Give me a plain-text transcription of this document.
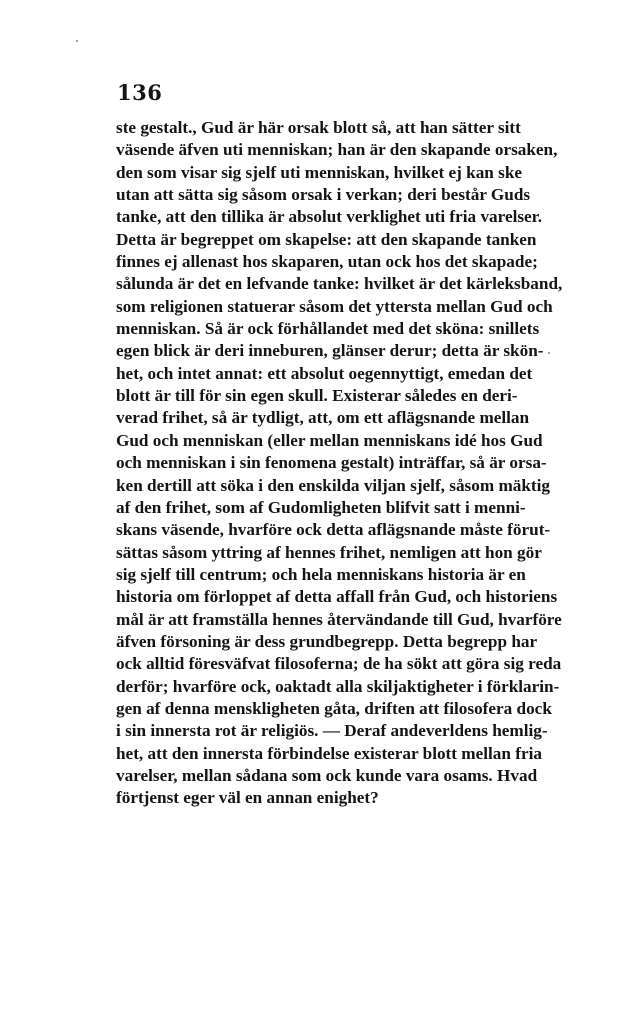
136
ste gestalt., Gud är här orsak blott så, att han sätter sitt
väsende äfven uti menniskan; han är den skapande orsaken,
den som visar sig sjelf uti menniskan, hvilket ej kan ske
utan att sätta sig såsom orsak i verkan; deri består Guds
tanke, att den tillika är absolut verklighet uti fria varelser.
Detta är begreppet om skapelse: att den skapande tanken
finnes ej allenast hos skaparen, utan ock hos det skapade;
sålunda är det en lefvande tanke: hvilket är det kärleksband,
som religionen statuerar såsom det yttersta mellan Gud och
menniskan. Så är ock förhållandet med det sköna: snillets
egen blick är deri inneburen, glänser derur; detta är skön-
het, och intet annat: ett absolut oegennyttigt, emedan det
blott är till för sin egen skull. Existerar således en deri-
verad frihet, så är tydligt, att, om ett aflägsnande mellan
Gud och menniskan (eller mellan menniskans idé hos Gud
och menniskan i sin fenomena gestalt) inträffar, så är orsa-
ken dertill att söka i den enskilda viljan sjelf, såsom mäktig
af den frihet, som af Gudomligheten blifvit satt i menni-
skans väsende, hvarföre ock detta aflägsnande måste förut-
sättas såsom yttring af hennes frihet, nemligen att hon gör
sig sjelf till centrum; och hela menniskans historia är en
historia om förloppet af detta affall från Gud, och historiens
mål är att framställa hennes återvändande till Gud, hvarföre
äfven försoning är dess grundbegrepp. Detta begrepp har
ock alltid föresväfvat filosoferna; de ha sökt att göra sig reda
derför; hvarföre ock, oaktadt alla skiljaktigheter i förklarin-
gen af denna menskligheten gåta, driften att filosofera dock
i sin innersta rot är religiös. — Deraf andeverldens hemlig-
het, att den innersta förbindelse existerar blott mellan fria
varelser, mellan sådana som ock kunde vara osams. Hvad
förtjenst eger väl en annan enighet?
